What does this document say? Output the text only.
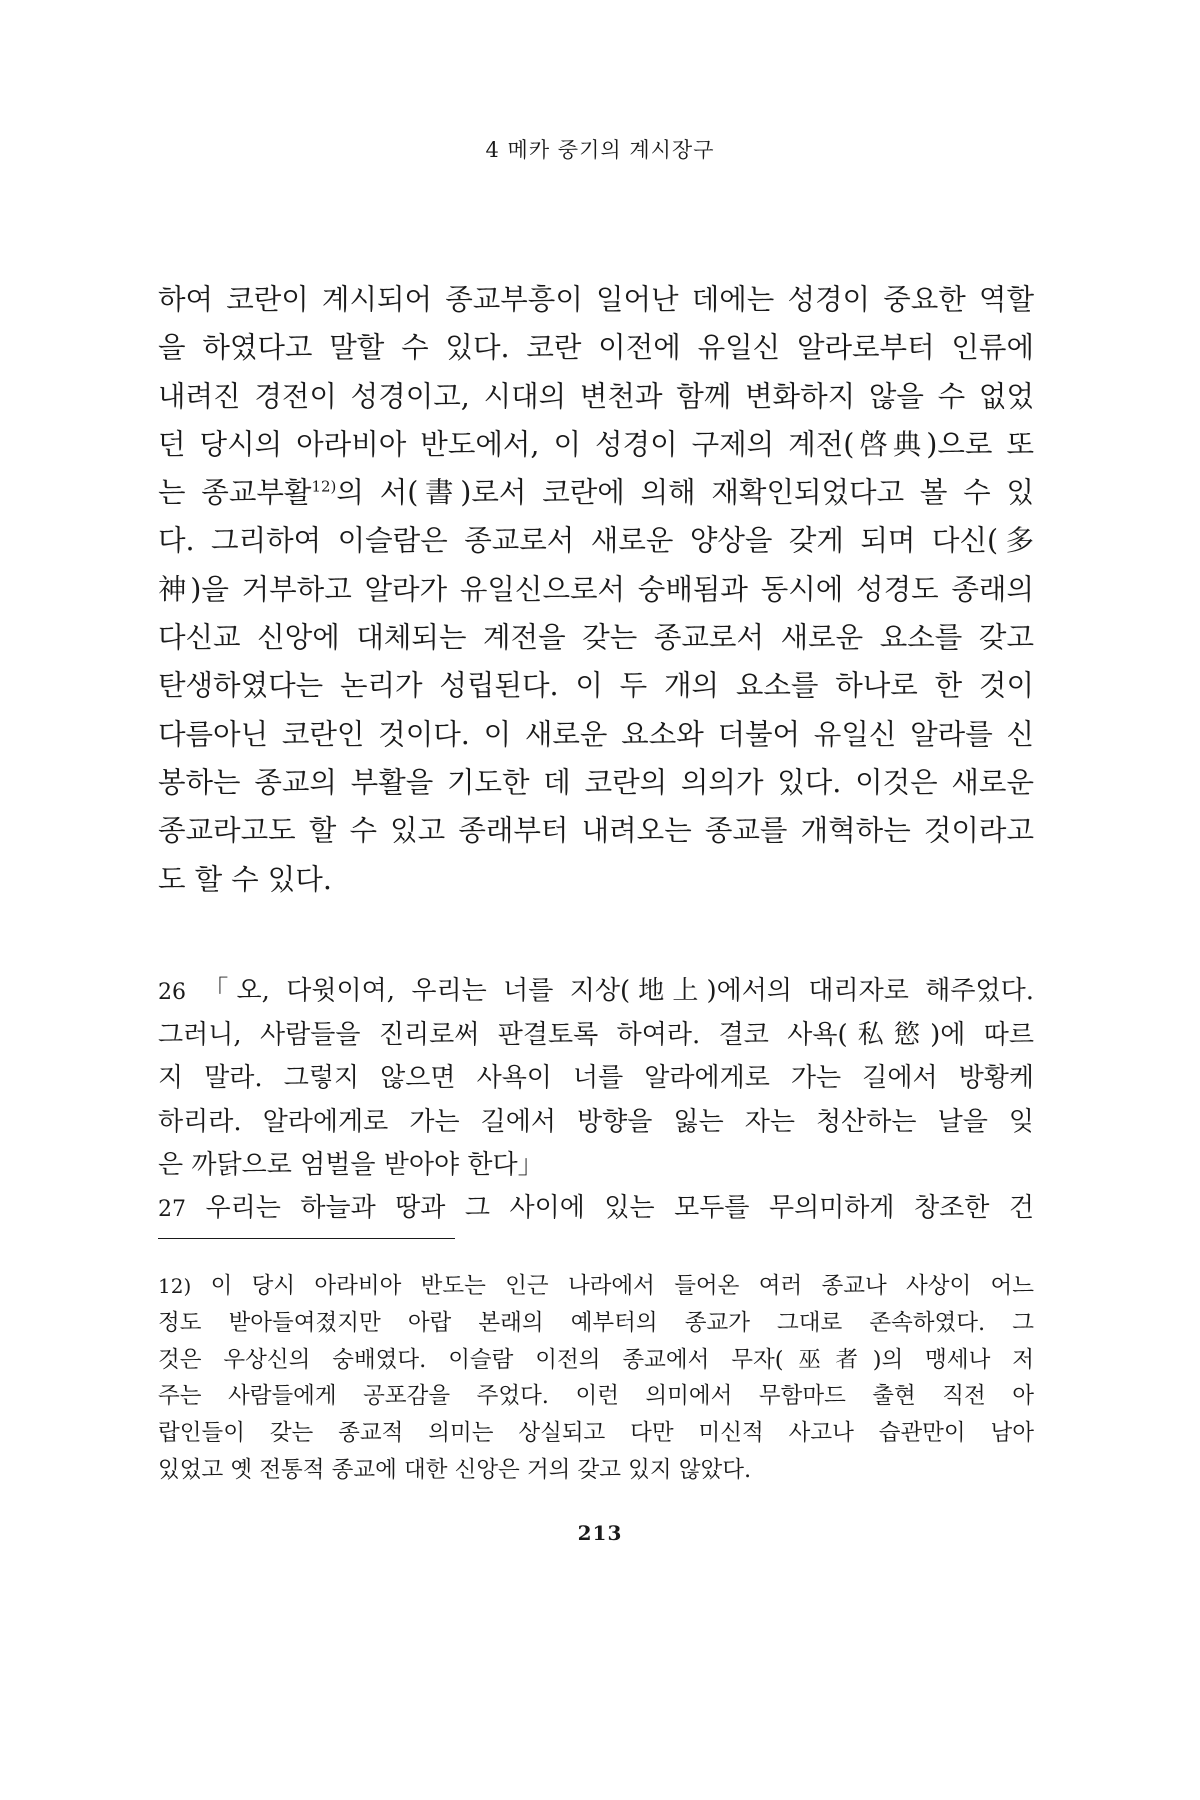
4 메카 중기의 계시장구
하여 코란이 계시되어 종교부흥이 일어난 데에는 성경이 중요한 역할
을 하였다고 말할 수 있다. 코란 이전에 유일신 알라로부터 인류에
내려진 경전이 성경이고, 시대의 변천과 함께 변화하지 않을 수 없었
던 당시의 아라비아 반도에서, 이 성경이 구제의 계전(啓典)으로 또
는 종교부활$^{12)}$의 서(書)로서 코란에 의해 재확인되었다고 볼 수 있
다. 그리하여 이슬람은 종교로서 새로운 양상을 갖게 되며 다신(多
神)을 거부하고 알라가 유일신으로서 숭배됨과 동시에 성경도 종래의
다신교 신앙에 대체되는 계전을 갖는 종교로서 새로운 요소를 갖고
탄생하였다는 논리가 성립된다. 이 두 개의 요소를 하나로 한 것이
다름아닌 코란인 것이다. 이 새로운 요소와 더불어 유일신 알라를 신
봉하는 종교의 부활을 기도한 데 코란의 의의가 있다. 이것은 새로운
종교라고도 할 수 있고 종래부터 내려오는 종교를 개혁하는 것이라고
도 할 수 있다.
26 「오, 다윗이여, 우리는 너를 지상(地上)에서의 대리자로 해주었다.
그러니, 사람들을 진리로써 판결토록 하여라. 결코 사욕(私慾)에 따르
지 말라. 그렇지 않으면 사욕이 너를 알라에게로 가는 길에서 방황케
하리라. 알라에게로 가는 길에서 방향을 잃는 자는 청산하는 날을 잊
은 까닭으로 엄벌을 받아야 한다」
27 우리는 하늘과 땅과 그 사이에 있는 모두를 무의미하게 창조한 건
12) 이 당시 아라비아 반도는 인근 나라에서 들어온 여러 종교나 사상이 어느
정도 받아들여졌지만 아랍 본래의 예부터의 종교가 그대로 존속하였다. 그
것은 우상신의 숭배였다. 이슬람 이전의 종교에서 무자(巫者)의 맹세나 저
주는 사람들에게 공포감을 주었다. 이런 의미에서 무함마드 출현 직전 아
랍인들이 갖는 종교적 의미는 상실되고 다만 미신적 사고나 습관만이 남아
있었고 옛 전통적 종교에 대한 신앙은 거의 갖고 있지 않았다.
213
